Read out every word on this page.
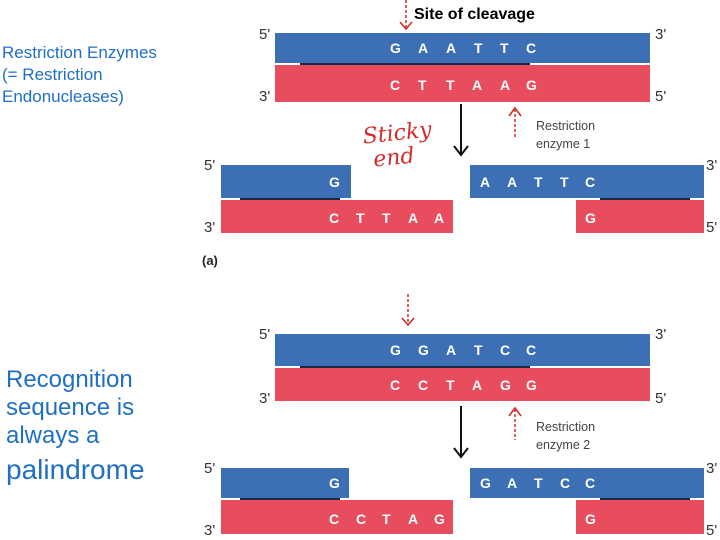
Restriction Enzymes
(= Restriction
Endonucleases)
Recognition
sequence is
always a
palindrome
Site of cleavage
5'	3'
3'	5'
G A A T T C
C T T A A G
Restriction
enzyme 1
Sticky
end
5'
3'
3'
5'
G
C T T A A
A A T T C
G
(a)
5'	3'
3'	5'
G G A T C C
C C T A G G
Restriction
enzyme 2
5'
3'
3'
5'
G
C C T A G
G A T C C
G
